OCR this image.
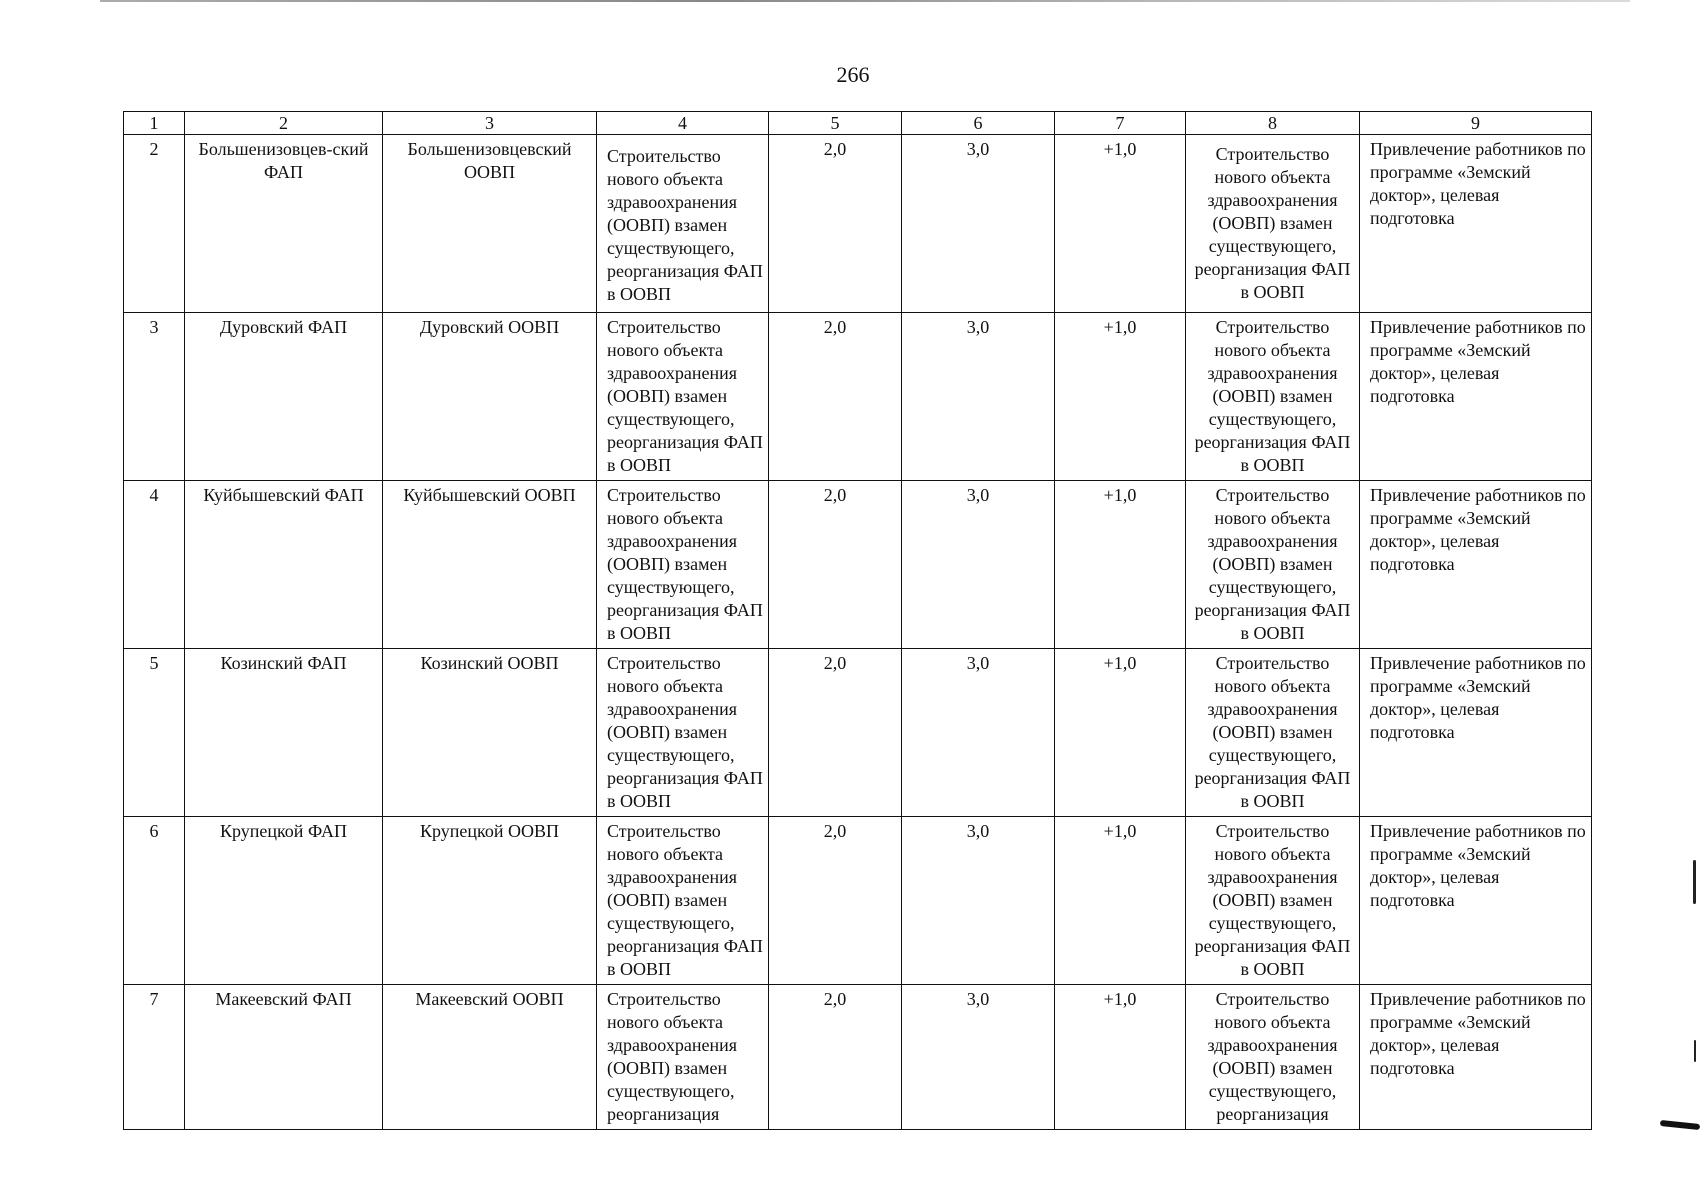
266
1	2	3	4	5	6	7	8	9
2	Большенизовцев-ский ФАП	Большенизовцевский ООВП	Строительство нового объекта здравоохранения (ООВП) взамен существующего, реорганизация ФАП в ООВП	2,0	3,0	+1,0	Строительство нового объекта здравоохранения (ООВП) взамен существующего, реорганизация ФАП в ООВП	Привлечение работников по программе «Земский доктор», целевая подготовка
3	Дуровский ФАП	Дуровский ООВП	Строительство нового объекта здравоохранения (ООВП) взамен существующего, реорганизация ФАП в ООВП	2,0	3,0	+1,0	Строительство нового объекта здравоохранения (ООВП) взамен существующего, реорганизация ФАП в ООВП	Привлечение работников по программе «Земский доктор», целевая подготовка
4	Куйбышевский ФАП	Куйбышевский ООВП	Строительство нового объекта здравоохранения (ООВП) взамен существующего, реорганизация ФАП в ООВП	2,0	3,0	+1,0	Строительство нового объекта здравоохранения (ООВП) взамен существующего, реорганизация ФАП в ООВП	Привлечение работников по программе «Земский доктор», целевая подготовка
5	Козинский ФАП	Козинский ООВП	Строительство нового объекта здравоохранения (ООВП) взамен существующего, реорганизация ФАП в ООВП	2,0	3,0	+1,0	Строительство нового объекта здравоохранения (ООВП) взамен существующего, реорганизация ФАП в ООВП	Привлечение работников по программе «Земский доктор», целевая подготовка
6	Крупецкой ФАП	Крупецкой ООВП	Строительство нового объекта здравоохранения (ООВП) взамен существующего, реорганизация ФАП в ООВП	2,0	3,0	+1,0	Строительство нового объекта здравоохранения (ООВП) взамен существующего, реорганизация ФАП в ООВП	Привлечение работников по программе «Земский доктор», целевая подготовка
7	Макеевский ФАП	Макеевский ООВП	Строительство нового объекта здравоохранения (ООВП) взамен существующего, реорганизация	2,0	3,0	+1,0	Строительство нового объекта здравоохранения (ООВП) взамен существующего, реорганизация	Привлечение работников по программе «Земский доктор», целевая подготовка
